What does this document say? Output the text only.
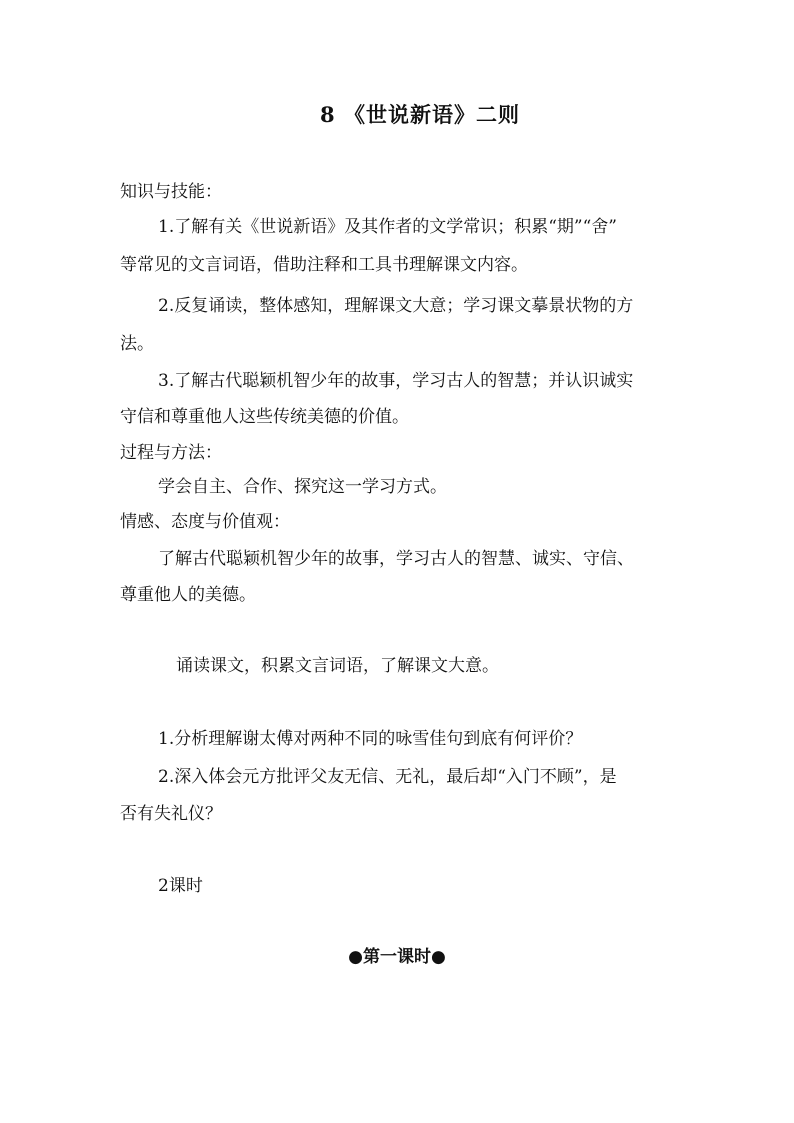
8 《世说新语》二则
知识与技能：
1.了解有关《世说新语》及其作者的文学常识；积累“期”“舍”
等常见的文言词语，借助注释和工具书理解课文内容。
2.反复诵读，整体感知，理解课文大意；学习课文摹景状物的方
法。
3.了解古代聪颖机智少年的故事，学习古人的智慧；并认识诚实
守信和尊重他人这些传统美德的价值。
过程与方法：
学会自主、合作、探究这一学习方式。
情感、态度与价值观：
了解古代聪颖机智少年的故事，学习古人的智慧、诚实、守信、
尊重他人的美德。
诵读课文，积累文言词语，了解课文大意。
1.分析理解谢太傅对两种不同的咏雪佳句到底有何评价？
2.深入体会元方批评父友无信、无礼，最后却“入门不顾”，是
否有失礼仪？
2课时
●第一课时●
